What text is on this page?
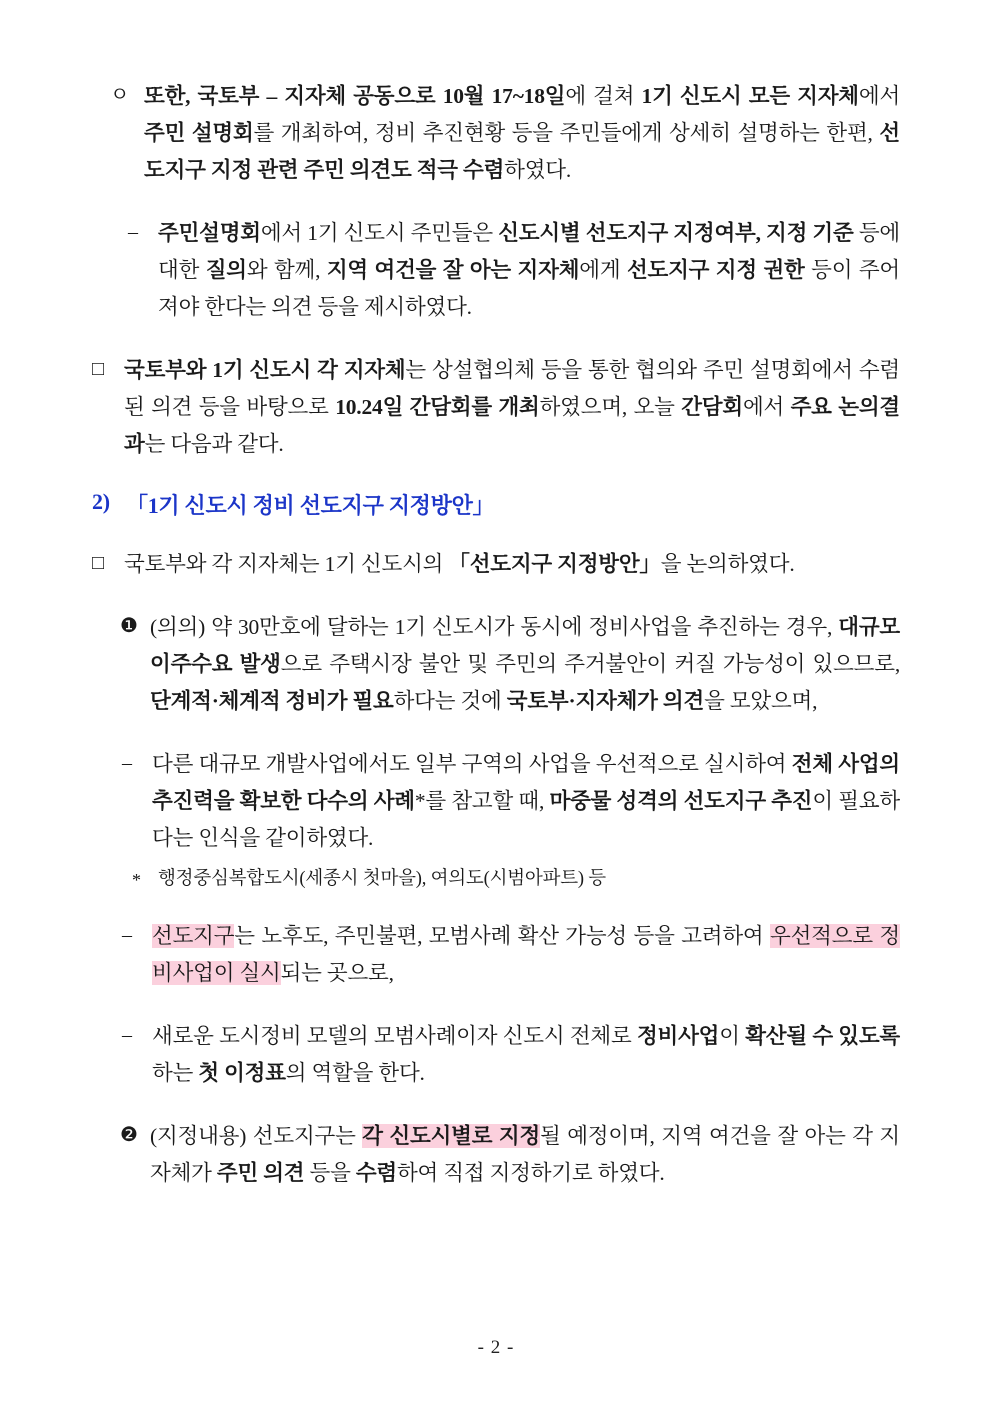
ㅇ 또한, 국토부 – 지자체 공동으로 10월 17~18일에 걸쳐 1기 신도시 모든 지자체에서 주민 설명회를 개최하여, 정비 추진현황 등을 주민들에게 상세히 설명하는 한편, 선도지구 지정 관련 주민 의견도 적극 수렴하였다.
– 주민설명회에서 1기 신도시 주민들은 신도시별 선도지구 지정여부, 지정 기준 등에 대한 질의와 함께, 지역 여건을 잘 아는 지자체에게 선도지구 지정 권한 등이 주어져야 한다는 의견 등을 제시하였다.
□ 국토부와 1기 신도시 각 지자체는 상설협의체 등을 통한 협의와 주민 설명회에서 수렴된 의견 등을 바탕으로 10.24일 간담회를 개최하였으며, 오늘 간담회에서 주요 논의결과는 다음과 같다.
2) 「1기 신도시 정비 선도지구 지정방안」
□ 국토부와 각 지자체는 1기 신도시의 「선도지구 지정방안」을 논의하였다.
❶ (의의) 약 30만호에 달하는 1기 신도시가 동시에 정비사업을 추진하는 경우, 대규모 이주수요 발생으로 주택시장 불안 및 주민의 주거불안이 커질 가능성이 있으므로, 단계적·체계적 정비가 필요하다는 것에 국토부·지자체가 의견을 모았으며,
– 다른 대규모 개발사업에서도 일부 구역의 사업을 우선적으로 실시하여 전체 사업의 추진력을 확보한 다수의 사례*를 참고할 때, 마중물 성격의 선도지구 추진이 필요하다는 인식을 같이하였다.
* 행정중심복합도시(세종시 첫마을), 여의도(시범아파트) 등
– 선도지구는 노후도, 주민불편, 모범사례 확산 가능성 등을 고려하여 우선적으로 정비사업이 실시되는 곳으로,
– 새로운 도시정비 모델의 모범사례이자 신도시 전체로 정비사업이 확산될 수 있도록 하는 첫 이정표의 역할을 한다.
❷ (지정내용) 선도지구는 각 신도시별로 지정될 예정이며, 지역 여건을 잘 아는 각 지자체가 주민 의견 등을 수렴하여 직접 지정하기로 하였다.
- 2 -
